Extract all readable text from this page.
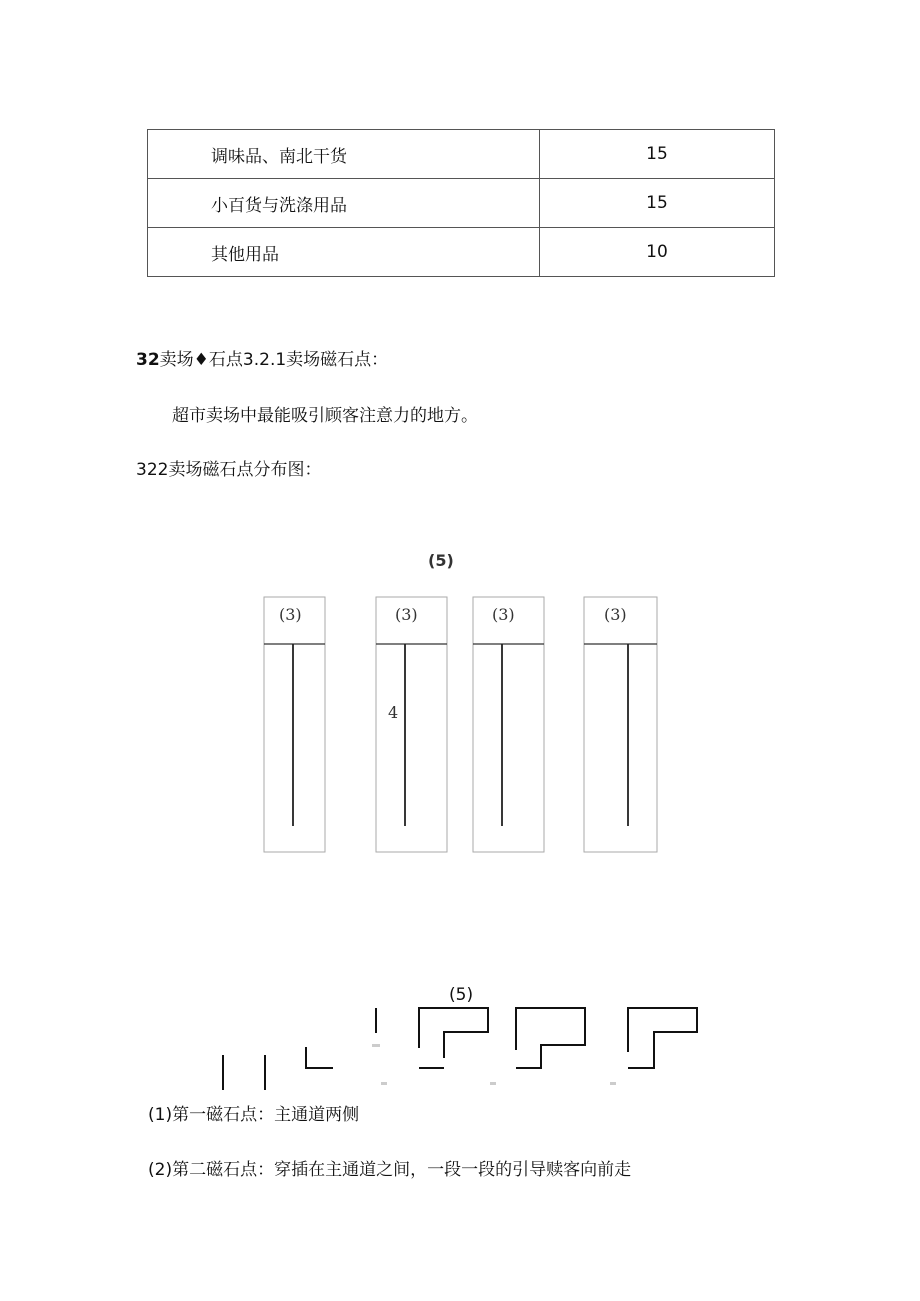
调味品、南北干货	15
小百货与洗涤用品	15
其他用品	10

32卖场♦石点3.2.1卖场磁石点：

超市卖场中最能吸引顾客注意力的地方。

322卖场磁石点分布图：

(5)
(3)	(3)	(3)	(3)
4
(5)

(1)第一磁石点：主通道两侧

(2)第二磁石点：穿插在主通道之间，一段一段的引导赎客向前走
